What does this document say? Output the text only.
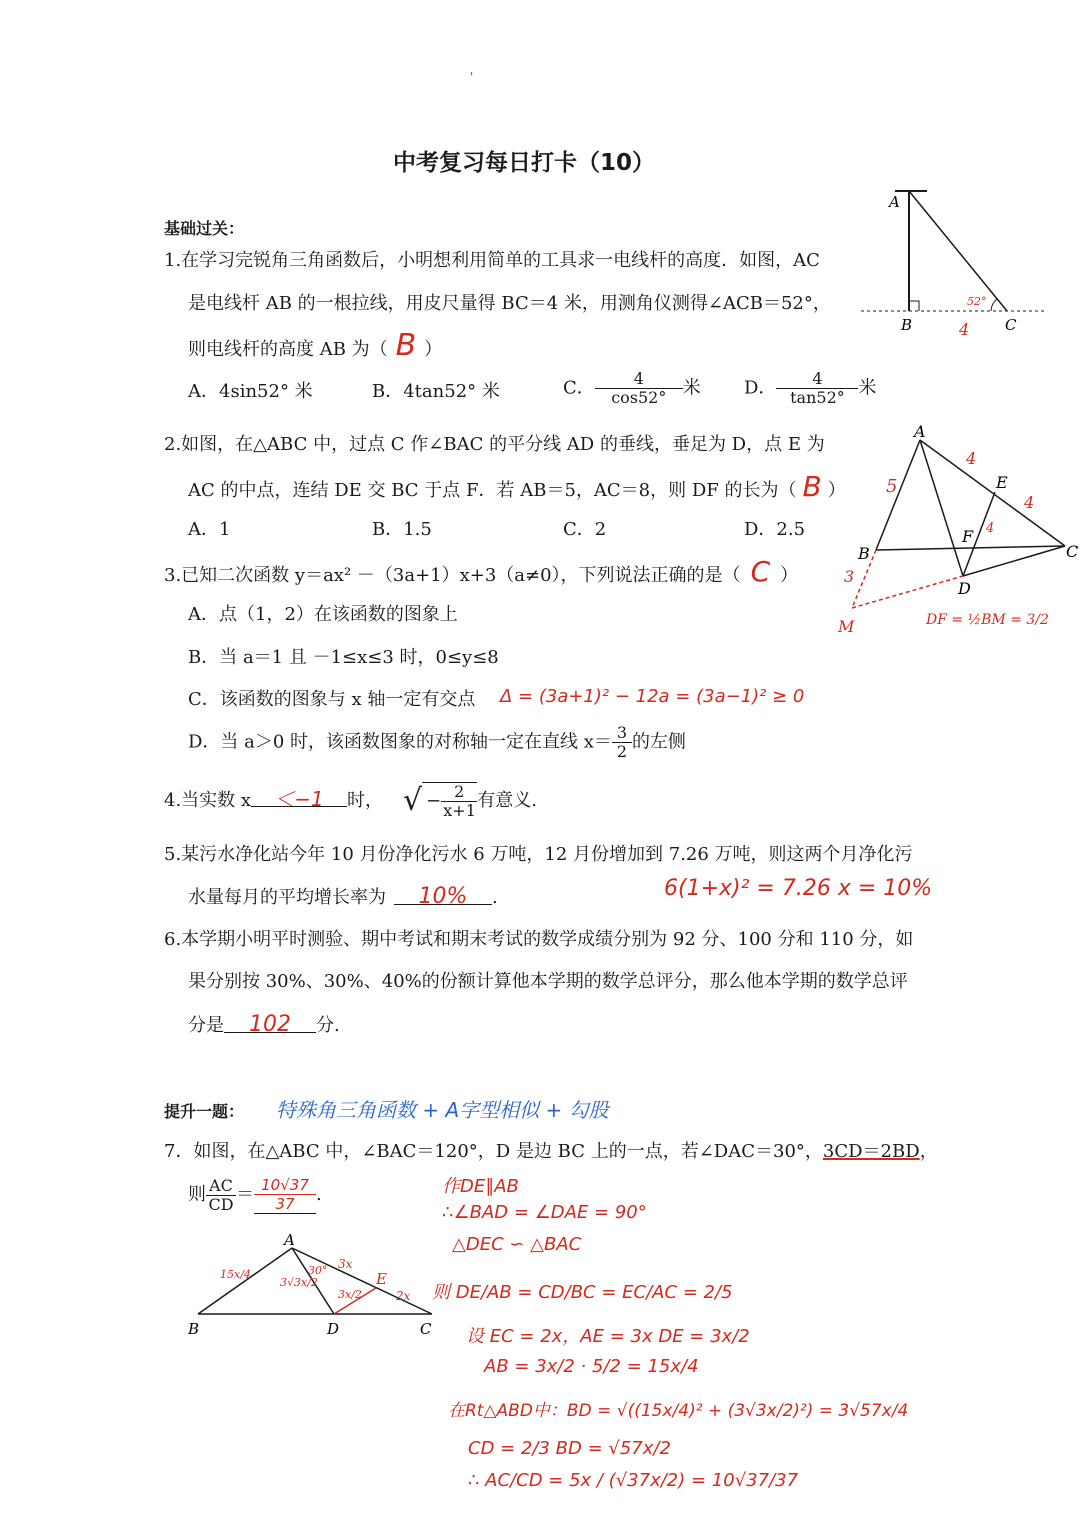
'
中考复习每日打卡（10）
基础过关：
1.在学习完锐角三角函数后，小明想利用简单的工具求一电线杆的高度．如图，AC
是电线杆 AB 的一根拉线，用皮尺量得 BC＝4 米，用测角仪测得∠ACB＝52°，
则电线杆的高度 AB 为（ B ）
A．4sin52° 米	B．4tan52° 米	C． $\frac{4}{\cos 52^\circ}$ 米 D． $\frac{4}{\tan 52^\circ}$ 米
A
B	C
52°
4
2.如图，在△ABC 中，过点 C 作∠BAC 的平分线 AD 的垂线，垂足为 D，点 E 为
AC 的中点，连结 DE 交 BC 于点 F．若 AB＝5，AC＝8，则 DF 的长为（ B ）
A．1	B．1.5	C．2	D．2.5
A
B	C
D
E
F
M
5
4
4
3
4
DF = ½BM = 3/2
3.已知二次函数 y＝ax² －（3a+1）x+3（a≠0），下列说法正确的是（ C ）
A．点（1，2）在该函数的图象上
B．当 a＝1 且 －1≤x≤3 时，0≤y≤8
C．该函数的图象与 x 轴一定有交点 Δ = (3a+1)² − 12a = (3a−1)² ≥ 0
D．当 a＞0 时，该函数图象的对称轴一定在直线 $x= \frac{3}{2}$ 的左侧
4.当实数 x ＜−1 时， √ − $\frac{2}{x+1}$ 有意义.
5.某污水净化站今年 10 月份净化污水 6 万吨，12 月份增加到 7.26 万吨，则这两个月净化污
水量每月的平均增长率为 10% .	6(1+x)² = 7.26 x = 10%
6.本学期小明平时测验、期中考试和期末考试的数学成绩分别为 92 分、100 分和 110 分，如
果分别按 30%、30%、40%的份额计算他本学期的数学总评分，那么他本学期的数学总评
分是 102 分.
提升一题： 特殊角三角函数 + A字型相似 + 勾股
7．如图，在△ABC 中，∠BAC＝120°，D 是边 BC 上的一点，若∠DAC＝30°，3CD＝2BD，
则 $\frac{AC}{CD} = \frac{10√37}{37}$ .
A
B	D	C
E
15x/4
3√3x/2
30° 3x
3x/2	2x
作DE∥AB
∴∠BAD = ∠DAE = 90°
△DEC ∽ △BAC
则 DE/AB = CD/BC = EC/AC = 2/5
设 EC = 2x，AE = 3x DE = 3x/2
AB = 3x/2 · 5/2 = 15x/4
在Rt△ABD中：BD = √((15x/4)² + (3√3x/2)²) = 3√57x/4
CD = 2/3 BD = √57x/2
∴ AC/CD = 5x / (√37x/2) = 10√37/37
